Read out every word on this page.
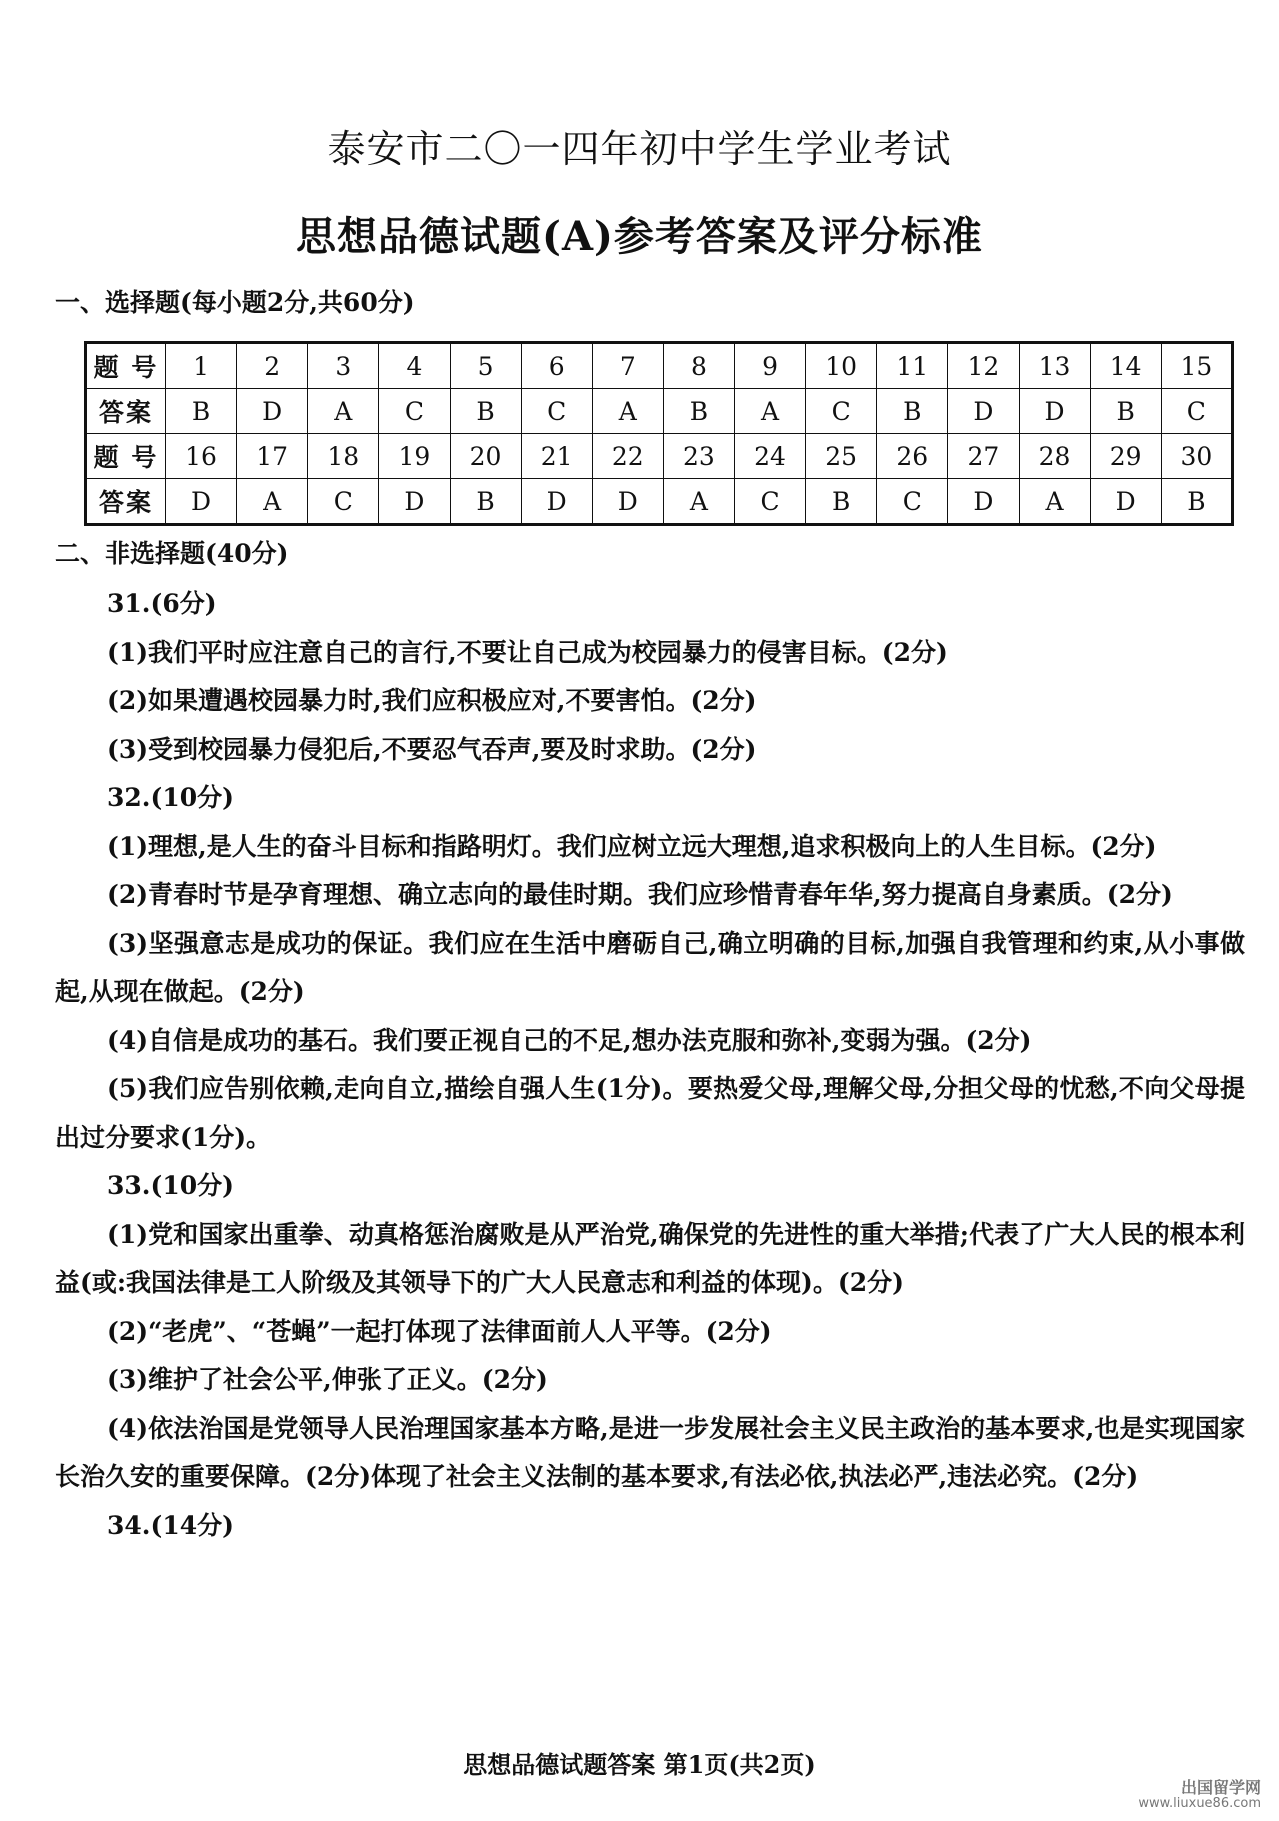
泰安市二〇一四年初中学生学业考试
思想品德试题(A)参考答案及评分标准
一、选择题(每小题2分,共60分)
题 号	1	2	3	4	5	6	7	8	9	10	11	12	13	14	15
答案	B	D	A	C	B	C	A	B	A	C	B	D	D	B	C
题 号	16	17	18	19	20	21	22	23	24	25	26	27	28	29	30
答案	D	A	C	D	B	D	D	A	C	B	C	D	A	D	B
二、非选择题(40分)
31.(6分)
(1)我们平时应注意自己的言行,不要让自己成为校园暴力的侵害目标。(2分)
(2)如果遭遇校园暴力时,我们应积极应对,不要害怕。(2分)
(3)受到校园暴力侵犯后,不要忍气吞声,要及时求助。(2分)
32.(10分)
(1)理想,是人生的奋斗目标和指路明灯。我们应树立远大理想,追求积极向上的人生目标。(2分)
(2)青春时节是孕育理想、确立志向的最佳时期。我们应珍惜青春年华,努力提高自身素质。(2分)
(3)坚强意志是成功的保证。我们应在生活中磨砺自己,确立明确的目标,加强自我管理和约束,从小事做起,从现在做起。(2分)
(4)自信是成功的基石。我们要正视自己的不足,想办法克服和弥补,变弱为强。(2分)
(5)我们应告别依赖,走向自立,描绘自强人生(1分)。要热爱父母,理解父母,分担父母的忧愁,不向父母提出过分要求(1分)。
33.(10分)
(1)党和国家出重拳、动真格惩治腐败是从严治党,确保党的先进性的重大举措;代表了广大人民的根本利益(或:我国法律是工人阶级及其领导下的广大人民意志和利益的体现)。(2分)
(2)“老虎”、“苍蝇”一起打体现了法律面前人人平等。(2分)
(3)维护了社会公平,伸张了正义。(2分)
(4)依法治国是党领导人民治理国家基本方略,是进一步发展社会主义民主政治的基本要求,也是实现国家长治久安的重要保障。(2分)体现了社会主义法制的基本要求,有法必依,执法必严,违法必究。(2分)
34.(14分)
思想品德试题答案 第1页(共2页)
出国留学网
www.liuxue86.com
